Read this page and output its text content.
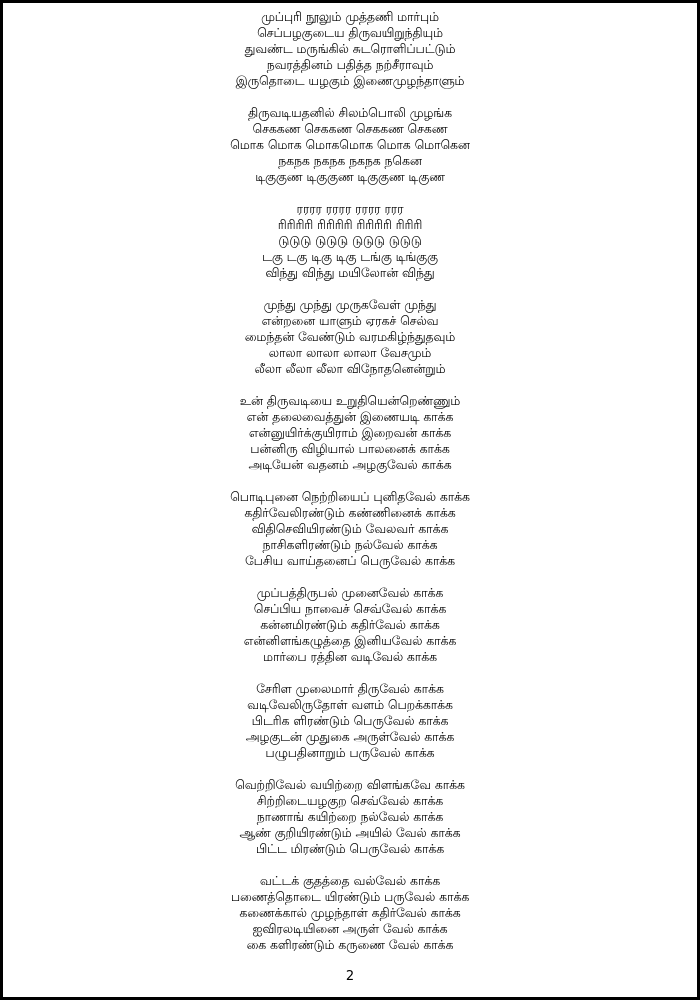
முப்புரி நூலும் முத்தணி மார்பும்
செப்பழகுடைய திருவயிறுந்தியும்
துவண்ட மருங்கில் சுடரொளிப்பட்டும்
நவரத்தினம் பதித்த நற்சீராவும்
இருதொடை யழகும் இணைமுழந்தாளும்
திருவடியதனில் சிலம்பொலி முழங்க
செககண செககண செககண செகண
மொக மொக மொகமொக மொக மொகென
நகநக நகநக நகநக நகென
டிகுகுண டிகுகுண டிகுகுண டிகுண
ரரரர ரரரர ரரரர ரரர
ரிரிரிரி ரிரிரிரி ரிரிரிரி ரிரிரி
டுடுடு டுடுடு டுடுடு டுடுடு
டகு டகு டிகு டிகு டங்கு டிங்குகு
விந்து விந்து மயிலோன் விந்து
முந்து முந்து முருகவேள் முந்து
என்றனை யாளும் ஏரகச் செல்வ
மைந்தன் வேண்டும் வரமகிழ்ந்துதவும்
லாலா லாலா லாலா வேசமும்
லீலா லீலா லீலா விநோதனென்றும்
உன் திருவடியை உறுதியென்றெண்ணும்
என் தலைவைத்துன் இணையடி காக்க
என்னுயிர்க்குயிராம் இறைவன் காக்க
பன்னிரு விழியால் பாலனைக் காக்க
அடியேன் வதனம் அழகுவேல் காக்க
பொடிபுனை நெற்றியைப் புனிதவேல் காக்க
கதிர்வேலிரண்டும் கண்ணினைக் காக்க
விதிசெவியிரண்டும் வேலவர் காக்க
நாசிகளிரண்டும் நல்வேல் காக்க
பேசிய வாய்தனைப் பெருவேல் காக்க
முப்பத்திருபல் முனைவேல் காக்க
செப்பிய நாவைச் செவ்வேல் காக்க
கன்னமிரண்டும் கதிர்வேல் காக்க
என்னிளங்கழுத்தை இனியவேல் காக்க
மார்பை ரத்தின வடிவேல் காக்க
சேரிள முலைமார் திருவேல் காக்க
வடிவேலிருதோள் வளம் பெறக்காக்க
பிடரிக ளிரண்டும் பெருவேல் காக்க
அழகுடன் முதுகை அருள்வேல் காக்க
பழுபதினாறும் பருவேல் காக்க
வெற்றிவேல் வயிற்றை விளங்கவே காக்க
சிற்றிடையழகுற செவ்வேல் காக்க
நாணாங் கயிற்றை நல்வேல் காக்க
ஆண் குறியிரண்டும் அயில் வேல் காக்க
பிட்ட மிரண்டும் பெருவேல் காக்க
வட்டக் குதத்தை வல்வேல் காக்க
பணைத்தொடை யிரண்டும் பருவேல் காக்க
கணைக்கால் முழந்தாள் கதிர்வேல் காக்க
ஐவிரலடியினை அருள் வேல் காக்க
கை களிரண்டும் கருணை வேல் காக்க
2
